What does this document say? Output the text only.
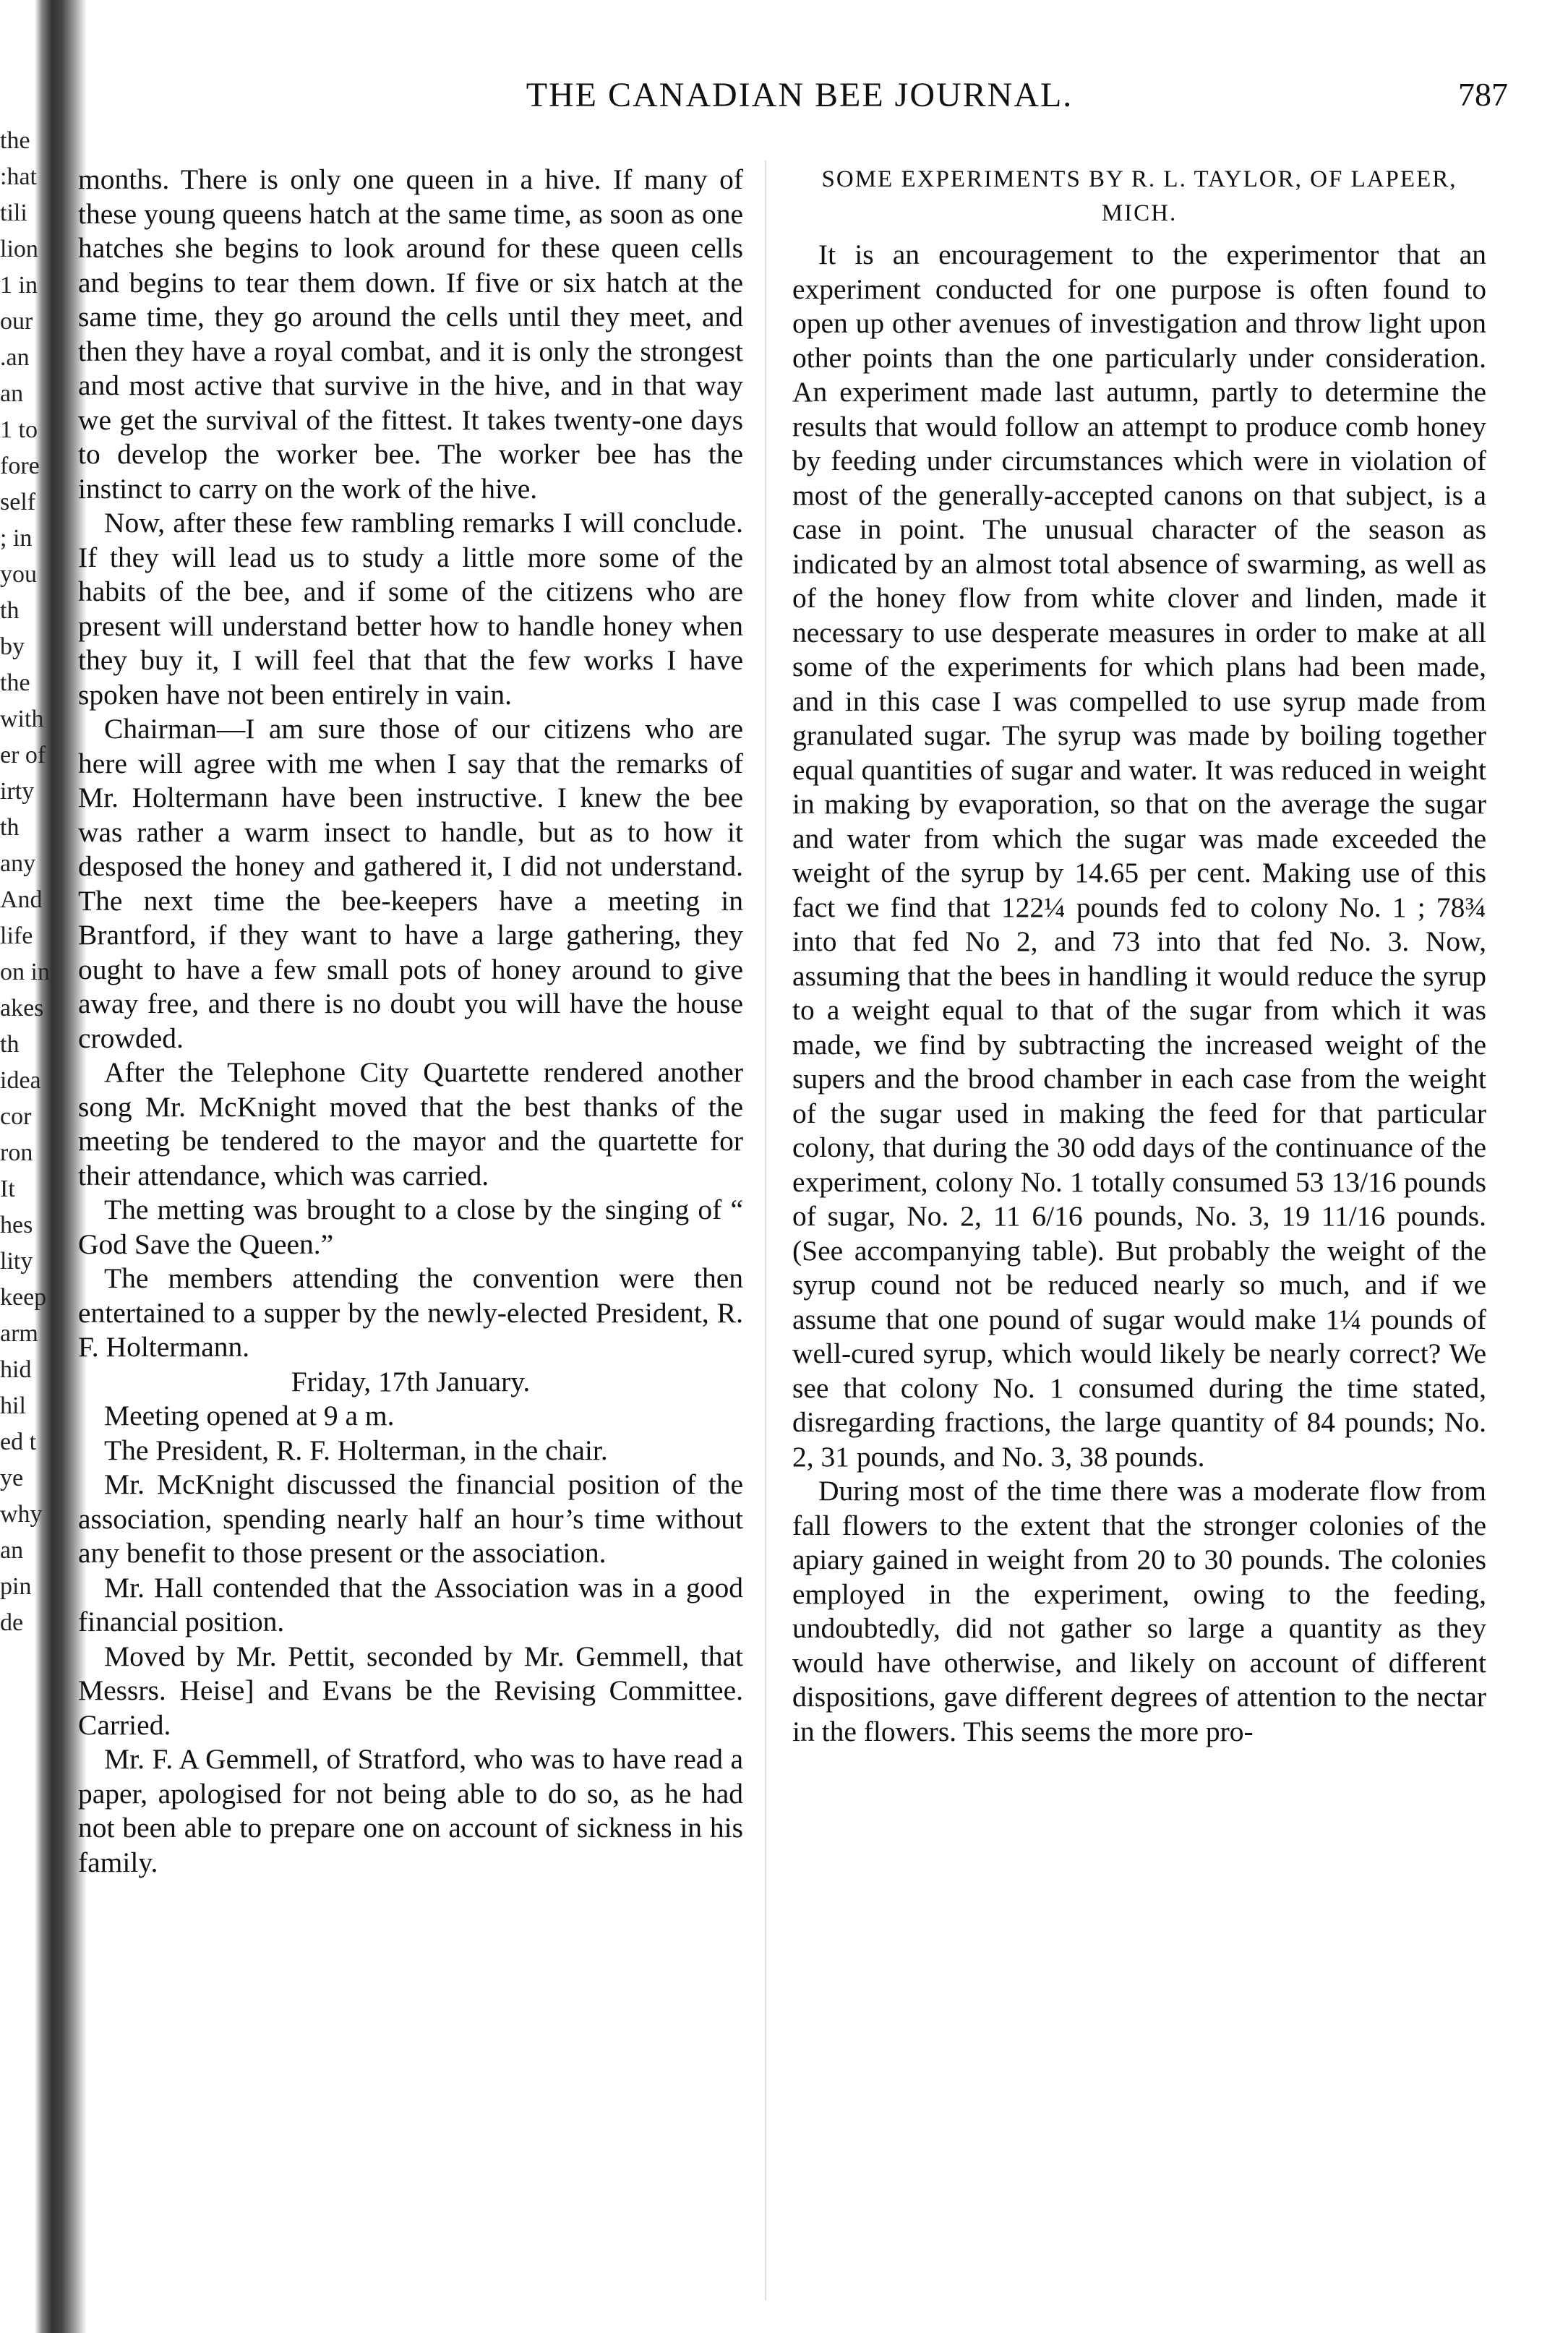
the
:hat
tili
lion
1 in
our
.an
an
1 to
fore
self
; in
you
th
by
the
with
er of
irty
th
any
And
life
on in
akes
th
idea
cor
ron
It
hes
lity
keep
arm
hid
hil
ed t
ye
why
an
pin
de
THE CANADIAN BEE JOURNAL.	787

months. There is only one queen in a hive. If many of these young queens hatch at the same time, as soon as one hatches she begins to look around for these queen cells and begins to tear them down. If five or six hatch at the same time, they go around the cells until they meet, and then they have a royal combat, and it is only the strongest and most active that survive in the hive, and in that way we get the survival of the fittest. It takes twenty-one days to develop the worker bee. The worker bee has the instinct to carry on the work of the hive.

Now, after these few rambling remarks I will conclude. If they will lead us to study a little more some of the habits of the bee, and if some of the citizens who are present will understand better how to handle honey when they buy it, I will feel that that the few works I have spoken have not been entirely in vain.

Chairman—I am sure those of our citizens who are here will agree with me when I say that the remarks of Mr. Holtermann have been instructive. I knew the bee was rather a warm insect to handle, but as to how it desposed the honey and gathered it, I did not understand. The next time the bee-keepers have a meeting in Brantford, if they want to have a large gathering, they ought to have a few small pots of honey around to give away free, and there is no doubt you will have the house crowded.

After the Telephone City Quartette rendered another song Mr. McKnight moved that the best thanks of the meeting be tendered to the mayor and the quartette for their attendance, which was carried.

The metting was brought to a close by the singing of “ God Save the Queen.”

The members attending the convention were then entertained to a supper by the newly-elected President, R. F. Holtermann.

Friday, 17th January.

Meeting opened at 9 a m.

The President, R. F. Holterman, in the chair.

Mr. McKnight discussed the financial position of the association, spending nearly half an hour’s time without any benefit to those present or the association.

Mr. Hall contended that the Association was in a good financial position.

Moved by Mr. Pettit, seconded by Mr. Gemmell, that Messrs. Heise] and Evans be the Revising Committee. Carried.

Mr. F. A Gemmell, of Stratford, who was to have read a paper, apologised for not being able to do so, as he had not been able to prepare one on account of sickness in his family.

SOME EXPERIMENTS BY R. L. TAYLOR, OF LAPEER, MICH.

It is an encouragement to the experimentor that an experiment conducted for one purpose is often found to open up other avenues of investigation and throw light upon other points than the one particularly under consideration. An experiment made last autumn, partly to determine the results that would follow an attempt to produce comb honey by feeding under circumstances which were in violation of most of the generally-accepted canons on that subject, is a case in point. The unusual character of the season as indicated by an almost total absence of swarming, as well as of the honey flow from white clover and linden, made it necessary to use desperate measures in order to make at all some of the experiments for which plans had been made, and in this case I was compelled to use syrup made from granulated sugar. The syrup was made by boiling together equal quantities of sugar and water. It was reduced in weight in making by evaporation, so that on the average the sugar and water from which the sugar was made exceeded the weight of the syrup by 14.65 per cent. Making use of this fact we find that 122¼ pounds fed to colony No. 1 ; 78¾ into that fed No 2, and 73 into that fed No. 3. Now, assuming that the bees in handling it would reduce the syrup to a weight equal to that of the sugar from which it was made, we find by subtracting the increased weight of the supers and the brood chamber in each case from the weight of the sugar used in making the feed for that particular colony, that during the 30 odd days of the continuance of the experiment, colony No. 1 totally consumed 53 13/16 pounds of sugar, No. 2, 11 6/16 pounds, No. 3, 19 11/16 pounds. (See accompanying table). But probably the weight of the syrup cound not be reduced nearly so much, and if we assume that one pound of sugar would make 1¼ pounds of well-cured syrup, which would likely be nearly correct? We see that colony No. 1 consumed during the time stated, disregarding fractions, the large quantity of 84 pounds; No. 2, 31 pounds, and No. 3, 38 pounds.

During most of the time there was a moderate flow from fall flowers to the extent that the stronger colonies of the apiary gained in weight from 20 to 30 pounds. The colonies employed in the experiment, owing to the feeding, undoubtedly, did not gather so large a quantity as they would have otherwise, and likely on account of different dispositions, gave different degrees of attention to the nectar in the flowers. This seems the more pro-
